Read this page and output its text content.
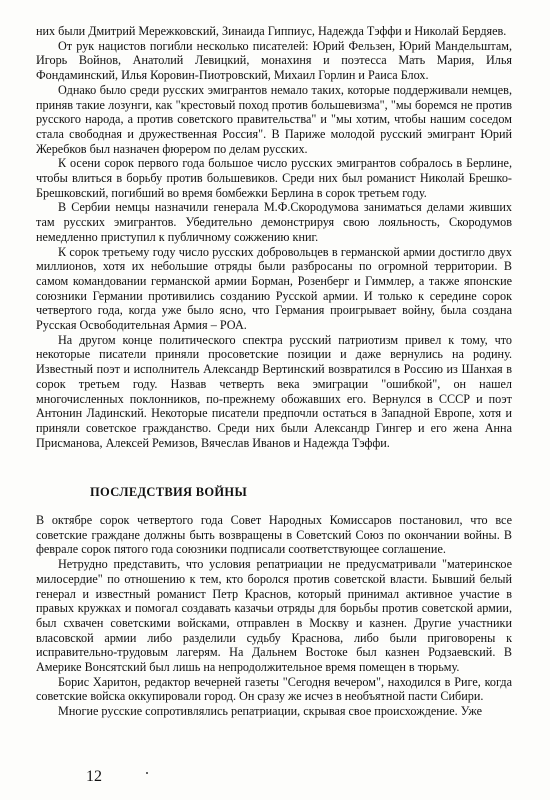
них были Дмитрий Мережковский, Зинаида Гиппиус, Надежда Тэффи и Николай Бердяев.

От рук нацистов погибли несколько писателей: Юрий Фельзен, Юрий Мандельштам, Игорь Войнов, Анатолий Левицкий, монахиня и поэтесса Мать Мария, Илья Фондаминский, Илья Коровин-Пиотровский, Михаил Горлин и Раиса Блох.

Однако было среди русских эмигрантов немало таких, которые поддерживали немцев, приняв такие лозунги, как "крестовый поход против большевизма", "мы боремся не против русского народа, а против советского правительства" и "мы хотим, чтобы нашим соседом стала свободная и дружественная Россия". В Париже молодой русский эмигрант Юрий Жеребков был назначен фюрером по делам русских.

К осени сорок первого года большое число русских эмигрантов собралось в Берлине, чтобы влиться в борьбу против большевиков. Среди них был романист Николай Брешко-Брешковский, погибший во время бомбежки Берлина в сорок третьем году.

В Сербии немцы назначили генерала М.Ф.Скородумова заниматься делами живших там русских эмигрантов. Убедительно демонстрируя свою лояльность, Скородумов немедленно приступил к публичному сожжению книг.

К сорок третьему году число русских добровольцев в германской армии достигло двух миллионов, хотя их небольшие отряды были разбросаны по огромной территории. В самом командовании германской армии Борман, Розенберг и Гиммлер, а также японские союзники Германии противились созданию Русской армии. И только к середине сорок четвертого года, когда уже было ясно, что Германия проигрывает войну, была создана Русская Освободительная Армия – РОА.

На другом конце политического спектра русский патриотизм привел к тому, что некоторые писатели приняли просоветские позиции и даже вернулись на родину. Известный поэт и исполнитель Александр Вертинский возвратился в Россию из Шанхая в сорок третьем году. Назвав четверть века эмиграции "ошибкой", он нашел многочисленных поклонников, по-прежнему обожавших его. Вернулся в СССР и поэт Антонин Ладинский. Некоторые писатели предпочли остаться в Западной Европе, хотя и приняли советское гражданство. Среди них были Александр Гингер и его жена Анна Присманова, Алексей Ремизов, Вячеслав Иванов и Надежда Тэффи.

ПОСЛЕДСТВИЯ ВОЙНЫ

В октябре сорок четвертого года Совет Народных Комиссаров постановил, что все советские граждане должны быть возвращены в Советский Союз по окончании войны. В феврале сорок пятого года союзники подписали соответствующее соглашение.

Нетрудно представить, что условия репатриации не предусматривали "материнское милосердие" по отношению к тем, кто боролся против советской власти. Бывший белый генерал и известный романист Петр Краснов, который принимал активное участие в правых кружках и помогал создавать казачьи отряды для борьбы против советской армии, был схвачен советскими войсками, отправлен в Москву и казнен. Другие участники власовской армии либо разделили судьбу Краснова, либо были приговорены к исправительно-трудовым лагерям. На Дальнем Востоке был казнен Родзаевский. В Америке Вонсятский был лишь на непродолжительное время помещен в тюрьму.

Борис Харитон, редактор вечерней газеты "Сегодня вечером", находился в Риге, когда советские войска оккупировали город. Он сразу же исчез в необъятной пасти Сибири.

Многие русские сопротивлялись репатриации, скрывая свое происхождение. Уже

12
